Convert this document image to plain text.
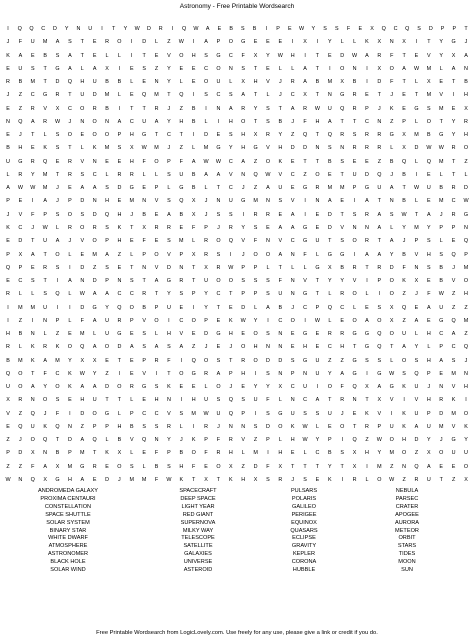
Astronomy - Free Printable Wordsearch
I	Q	Q	C	D	Y	N	U	I	T	Y	W	D	R	I	Q	W	A	E	B	S	B	I	P	E	W	Y	S	S	F	E	X	Q	C	Q	S	D	P	P	T
J	F	U	M	A	S	T	E	R	O	I	D	L	Z	W	I	A	P	O	G	E	E	E	I	X	I	Y	L	L	K	X	N	X	I	T	Y	G	J
K	A	E	B	S	A	T	E	L	L	I	T	E	V	O	H	S	G	C	F	X	Y	W	H	I	T	E	D	W	A	R	F	T	E	V	Y	X	A
E	U	S	T	G	A	L	A	X	I	E	S	Z	Y	E	E	C	O	N	S	T	E	L	L	A	T	I	O	N	I	X	O	A	W	M	L	A	N
R	B	M	T	D	Q	H	U	B	B	L	E	N	Y	L	E	O	U	L	X	H	V	J	R	A	B	M	X	B	I	D	F	T	L	X	E	T	B
J	Z	C	G	R	T	U	D	M	L	E	Q	M	T	Q	I	S	C	S	A	T	L	J	C	X	T	N	G	R	E	T	J	E	T	M	V	I	H
E	Z	R	V	X	C	O	R	B	I	T	T	R	J	Z	B	I	N	A	R	Y	S	T	A	R	W	U	Q	R	P	J	K	E	G	S	M	E	X
N	Q	A	R	W	J	N	O	N	A	C	U	A	Y	H	B	L	I	H	O	T	S	B	J	F	H	A	T	T	C	N	Z	P	L	O	T	Y	R
E	J	T	L	S	O	E	O	O	P	H	G	T	C	T	I	D	E	S	H	X	R	Y	Z	Q	T	Q	R	S	R	R	G	X	M	B	G	Y	H
B	H	E	K	S	T	L	K	M	S	X	W	M	J	Z	L	M	G	Y	H	G	V	H	D	D	N	S	N	R	R	R	L	X	D	W	W	R	O
U	G	R	Q	E	R	V	N	E	E	H	F	O	P	F	A	W	W	C	A	Z	O	K	E	T	T	B	S	E	E	Z	B	Q	L	Q	M	T	Z
L	R	Y	M	T	R	S	C	L	R	R	L	L	S	U	B	A	A	V	N	Q	W	V	C	Z	O	E	T	U	D	Q	J	B	I	E	L	T	L
A	W	W	M	J	E	A	A	S	D	G	E	P	L	G	B	L	T	C	J	Z	A	U	E	G	R	M	M	P	G	U	A	T	W	U	B	R	D
P	E	I	A	J	P	D	N	H	E	M	N	V	S	Q	X	J	N	U	G	M	N	S	V	I	N	A	E	I	A	T	N	B	L	E	M	C	W
J	V	F	P	S	O	S	D	Q	H	J	B	E	A	B	X	J	S	S	I	R	R	E	A	I	E	D	T	S	R	A	S	W	T	A	J	R	G
K	C	J	W	L	R	O	R	S	K	T	X	R	R	E	F	P	J	R	Y	S	E	A	A	G	E	D	V	N	N	A	L	Y	M	Y	P	P	N
E	D	T	U	A	J	V	O	P	H	E	F	E	S	M	L	R	O	Q	V	F	N	V	C	G	U	T	S	O	R	T	A	J	P	S	L	E	Q
P	X	A	T	O	L	E	M	A	Z	L	P	O	V	P	X	R	S	I	J	O	O	A	N	F	L	G	G	I	A	A	Y	B	V	H	S	Q	P
Q	P	E	R	S	I	D	Z	S	E	T	N	V	D	N	T	X	R	W	P	P	L	T	L	L	G	X	B	R	T	R	D	F	N	S	B	J	M
E	C	S	T	I	A	N	D	P	N	S	T	A	G	R	T	U	O	O	S	S	S	F	N	V	T	Y	Y	V	I	P	O	K	X	E	B	V	O
R	L	L	S	Q	L	W	A	A	C	C	R	T	Y	S	P	Y	C	T	P	P	S	U	N	G	T	L	R	O	L	I	O	Z	J	F	W	Z	H
I	M	M	U	I	I	D	G	Y	Q	O	B	P	U	E	I	Y	T	E	D	L	A	B	J	C	P	Q	C	L	E	S	X	Q	E	A	U	Z	Z
I	Z	I	N	P	L	F	A	U	R	P	V	O	I	C	O	P	E	K	W	Y	I	C	O	I	W	L	E	O	A	O	X	Z	A	E	G	Q	M
H	B	N	L	Z	E	M	L	U	G	E	S	L	H	V	E	D	G	H	E	O	S	N	E	G	E	R	R	G	G	Q	O	U	L	H	C	A	Z
R	L	K	R	K	O	Q	A	O	D	A	S	A	S	A	Z	J	E	J	O	H	N	N	E	H	E	C	H	T	G	Q	T	A	Y	L	P	C	Q
B	M	K	A	M	Y	X	X	E	T	E	P	R	F	I	Q	O	S	T	R	O	D	D	S	G	U	Z	Z	G	S	S	L	O	S	H	A	S	J
Q	O	T	F	C	K	W	Y	Z	I	E	V	I	T	O	G	R	A	P	H	I	S	N	P	N	U	Y	A	G	I	G	W	S	Q	P	E	M	N
U	O	A	Y	O	K	A	A	D	O	R	G	S	K	E	E	L	O	J	E	Y	Y	X	C	U	I	O	F	Q	X	A	G	K	U	J	N	V	H
X	R	N	O	S	E	H	U	T	T	L	E	H	N	I	H	U	S	Q	S	U	F	L	N	C	A	T	R	N	T	X	V	I	V	H	R	K	I
V	Z	Q	J	F	I	D	O	G	L	P	C	C	V	S	M	W	U	Q	P	I	S	G	U	S	S	U	J	E	K	V	I	K	U	P	D	M	O
E	Q	U	K	Q	N	Z	P	P	H	B	S	S	R	L	I	R	J	N	N	S	D	O	K	W	L	E	O	T	R	P	U	K	A	U	M	V	K
Z	J	O	Q	T	D	A	Q	L	B	V	Q	N	Y	J	K	P	F	R	V	Z	P	L	H	W	Y	P	I	Q	Z	W	O	H	D	Y	J	G	Y
P	D	X	N	B	P	M	T	K	X	L	E	F	P	B	O	F	R	H	L	M	I	H	E	L	C	B	S	X	H	Y	M	O	Z	X	O	U	U
Z	Z	F	A	X	M	G	R	E	O	S	L	B	S	H	F	E	O	X	Z	D	F	X	T	T	T	Y	T	X	I	M	Z	N	Q	A	E	E	O
W	N	Q	X	G	H	A	E	D	J	M	M	F	W	K	T	X	T	K	H	X	S	R	J	S	E	K	I	R	L	O	W	Z	R	U	T	Z	X
ANDROMEDA GALAXY	SPACECRAFT	PULSARS	NEBULA
PROXIMA CENTAURI	DEEP SPACE	POLARIS	PARSEC
CONSTELLATION	LIGHT YEAR	GALILEO	CRATER
SPACE SHUTTLE	RED GIANT	PERIGEE	APOGEE
SOLAR SYSTEM	SUPERNOVA	EQUINOX	AURORA
BINARY STAR	MILKY WAY	QUASARS	METEOR
WHITE DWARF	TELESCOPE	ECLIPSE	ORBIT
ATMOSPHERE	SATELLITE	GRAVITY	STARS
ASTRONOMER	GALAXIES	KEPLER	TIDES
BLACK HOLE	UNIVERSE	CORONA	MOON
SOLAR WIND	ASTEROID	HUBBLE	SUN
Free Printable Wordsearch from LogicLovely.com. Use freely for any use, please give a link or credit if you do.
